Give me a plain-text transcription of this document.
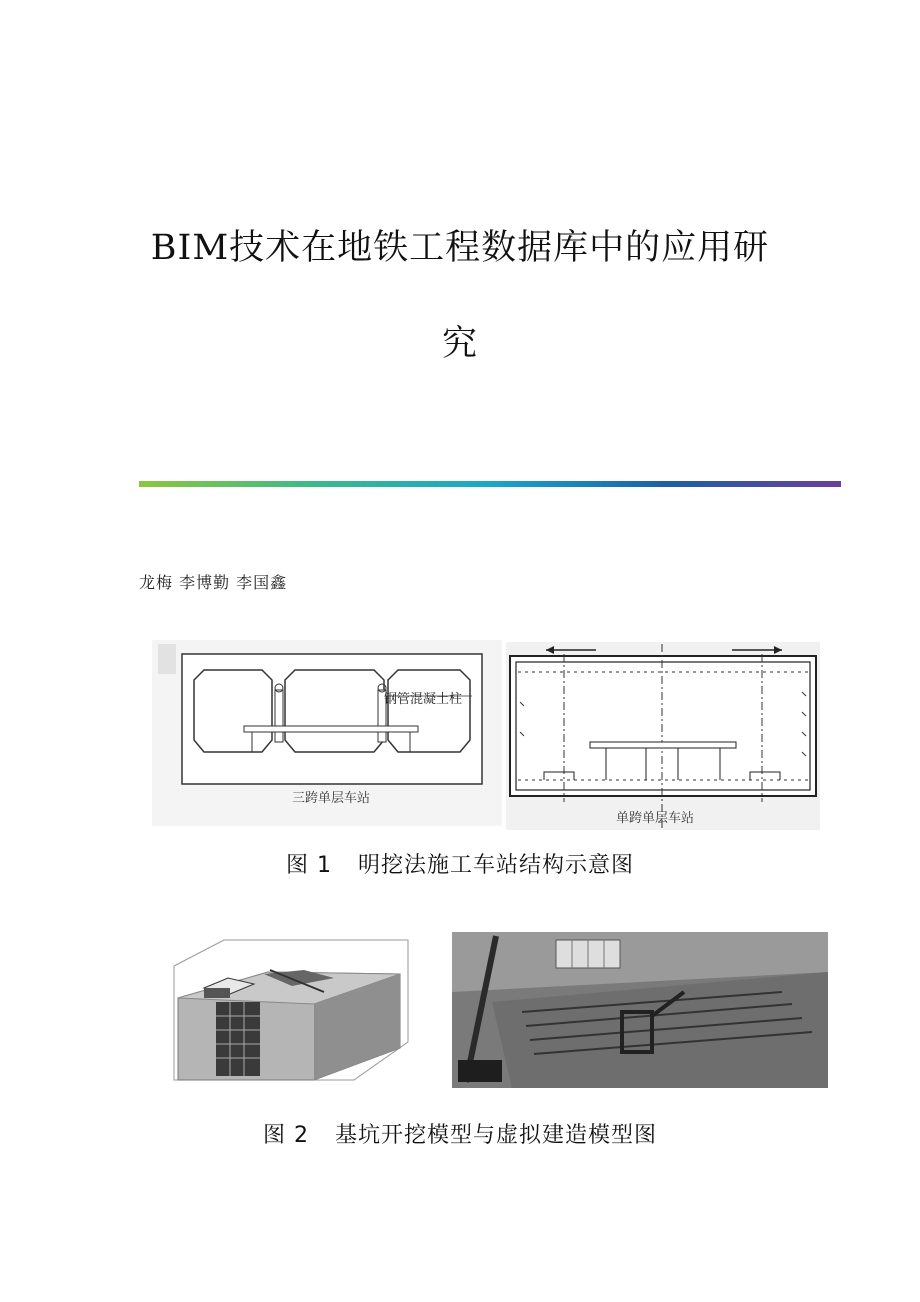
BIM技术在地铁工程数据库中的应用研
究
龙梅 李博勤 李国鑫
钢管混凝土柱
三跨单层车站
单跨单层车站
图 1 明挖法施工车站结构示意图
图 2 基坑开挖模型与虚拟建造模型图
